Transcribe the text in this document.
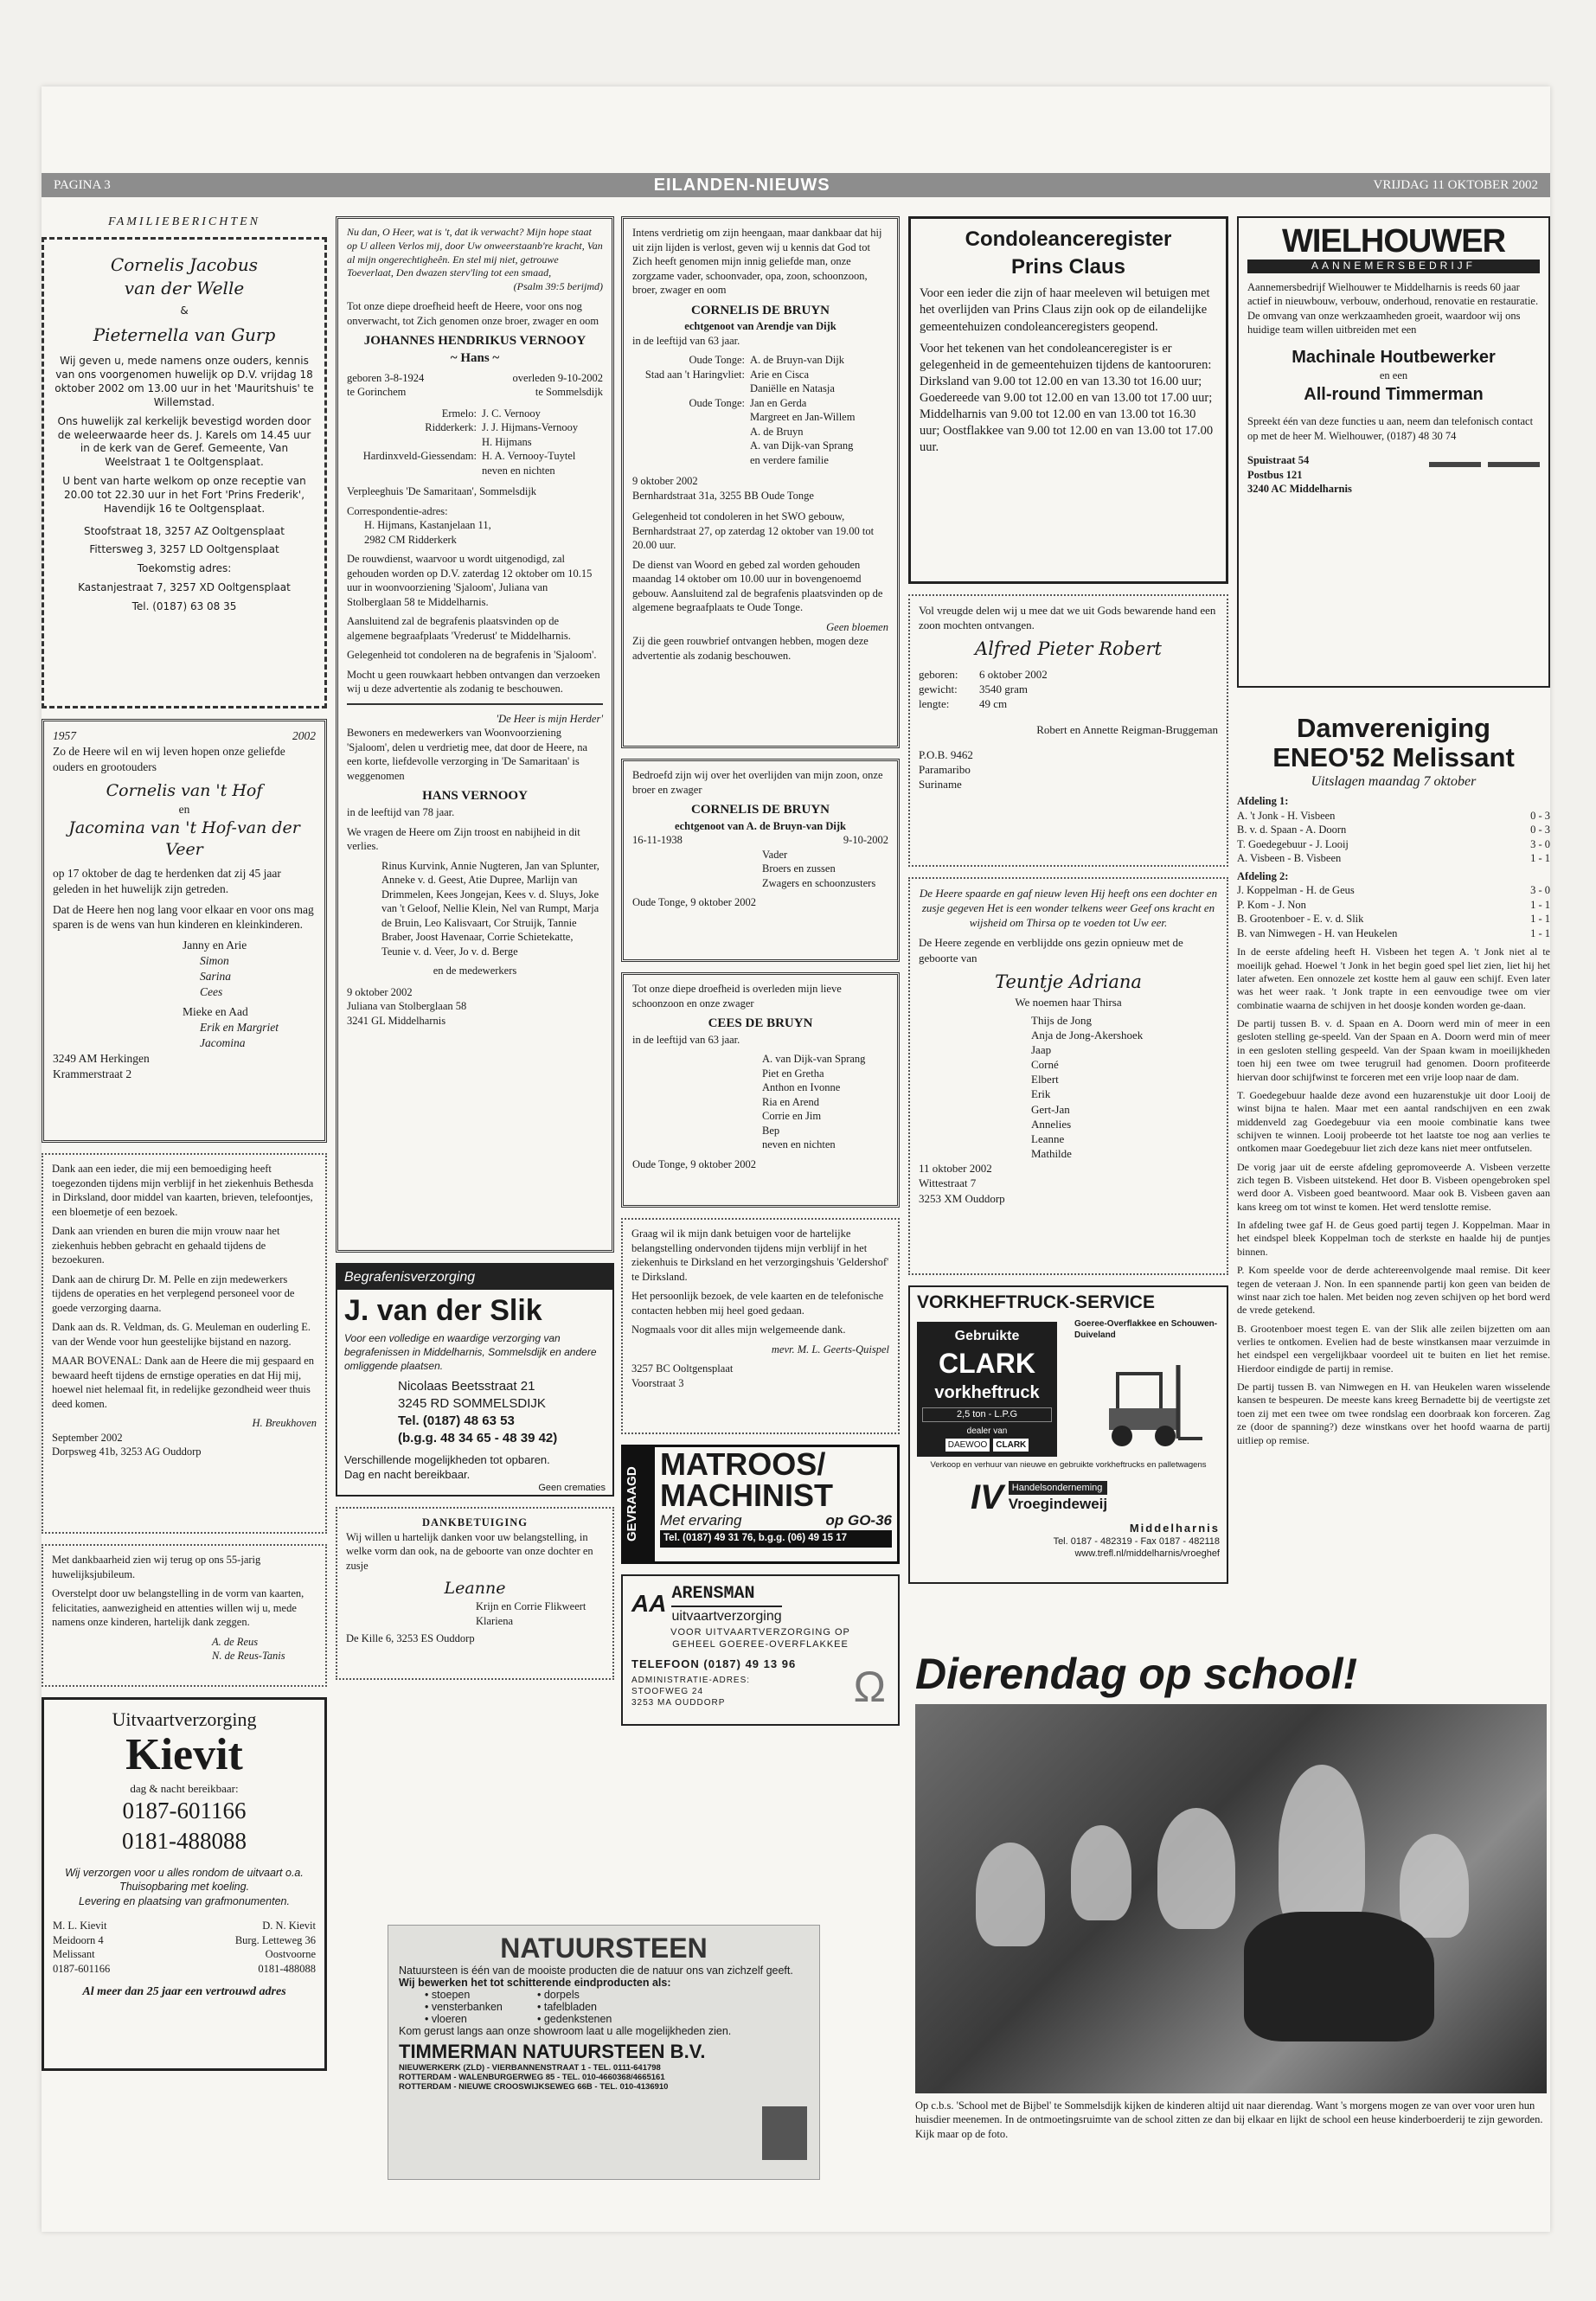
PAGINA 3	EILANDEN-NIEUWS	VRIJDAG 11 OKTOBER 2002
FAMILIEBERICHTEN
Cornelis Jacobus
van der Welle
&
Pieternella van Gurp

Wij geven u, mede namens onze ouders, kennis van ons voorgenomen huwelijk op D.V. vrijdag 18 oktober 2002 om 13.00 uur in het 'Mauritshuis' te Willemstad.

Ons huwelijk zal kerkelijk bevestigd worden door de weleerwaarde heer ds. J. Karels om 14.45 uur in de kerk van de Geref. Gemeente, Van Weelstraat 1 te Ooltgensplaat.

U bent van harte welkom op onze receptie van 20.00 tot 22.30 uur in het Fort 'Prins Frederik', Havendijk 16 te Ooltgensplaat.

Stoofstraat 18, 3257 AZ Ooltgensplaat

Fittersweg 3, 3257 LD Ooltgensplaat

Toekomstig adres:

Kastanjestraat 7, 3257 XD Ooltgensplaat

Tel. (0187) 63 08 35

1957	2002

Zo de Heere wil en wij leven hopen onze geliefde ouders en grootouders

Cornelis van 't Hof
en
Jacomina van 't Hof-van der Veer

op 17 oktober de dag te herdenken dat zij 45 jaar geleden in het huwelijk zijn getreden.

Dat de Heere hen nog lang voor elkaar en voor ons mag sparen is de wens van hun kinderen en kleinkinderen.

Janny en Arie
Simon
Sarina
Cees
Mieke en Aad
Erik en Margriet
Jacomina
3249 AM Herkingen
Krammerstraat 2

Dank aan een ieder, die mij een bemoediging heeft toegezonden tijdens mijn verblijf in het ziekenhuis Bethesda in Dirksland, door middel van kaarten, brieven, telefoontjes, een bloemetje of een bezoek.

Dank aan vrienden en buren die mijn vrouw naar het ziekenhuis hebben gebracht en gehaald tijdens de bezoekuren.

Dank aan de chirurg Dr. M. Pelle en zijn medewerkers tijdens de operaties en het verplegend personeel voor de goede verzorging daarna.

Dank aan ds. R. Veldman, ds. G. Meuleman en ouderling E. van der Wende voor hun geestelijke bijstand en nazorg.

MAAR BOVENAL: Dank aan de Heere die mij gespaard en bewaard heeft tijdens de ernstige operaties en dat Hij mij, hoewel niet helemaal fit, in redelijke gezondheid weer thuis deed komen.

H. Breukhoven
September 2002
Dorpsweg 41b, 3253 AG Ouddorp

Met dankbaarheid zien wij terug op ons 55-jarig huwelijksjubileum.

Overstelpt door uw belangstelling in de vorm van kaarten, felicitaties, aanwezigheid en attenties willen wij u, mede namens onze kinderen, hartelijk dank zeggen.

A. de Reus
N. de Reus-Tanis
Uitvaartverzorging
Kievit
dag & nacht bereikbaar:
0187-601166
0181-488088
Wij verzorgen voor u alles rondom de uitvaart o.a. Thuisopbaring met koeling.
Levering en plaatsing van grafmonumenten.
M. L. Kievit
Meidoorn 4
Melissant
0187-601166
D. N. Kievit
Burg. Letteweg 36
Oostvoorne
0181-488088
Al meer dan 25 jaar een vertrouwd adres
Nu dan, O Heer, wat is 't, dat ik verwacht? Mijn hope staat op U alleen Verlos mij, door Uw onweerstaanb're kracht, Van al mijn ongerechtigheên. En stel mij niet, getrouwe Toeverlaat, Den dwazen sterv'ling tot een smaad,
(Psalm 39:5 berijmd)

Tot onze diepe droefheid heeft de Heere, voor ons nog onverwacht, tot Zich genomen onze broer, zwager en oom

JOHANNES HENDRIKUS VERNOOY
~ Hans ~
geboren 3-8-1924	overleden 9-10-2002
te Gorinchem	te Sommelsdijk
Ermelo: J. C. Vernooy
Ridderkerk: J. J. Hijmans-Vernooy
H. Hijmans
Hardinxveld-Giessendam: H. A. Vernooy-Tuytel
neven en nichten

Verpleeghuis 'De Samaritaan', Sommelsdijk

Correspondentie-adres:
H. Hijmans, Kastanjelaan 11,
2982 CM Ridderkerk

De rouwdienst, waarvoor u wordt uitgenodigd, zal gehouden worden op D.V. zaterdag 12 oktober om 10.15 uur in woonvoorziening 'Sjaloom', Juliana van Stolberglaan 58 te Middelharnis.

Aansluitend zal de begrafenis plaatsvinden op de algemene begraafplaats 'Vrederust' te Middelharnis.

Gelegenheid tot condoleren na de begrafenis in 'Sjaloom'.

Mocht u geen rouwkaart hebben ontvangen dan verzoeken wij u deze advertentie als zodanig te beschouwen.

'De Heer is mijn Herder'

Bewoners en medewerkers van Woonvoorziening 'Sjaloom', delen u verdrietig mee, dat door de Heere, na een korte, liefdevolle verzorging in 'De Samaritaan' is weggenomen

HANS VERNOOY

in de leeftijd van 78 jaar.

We vragen de Heere om Zijn troost en nabijheid in dit verlies.

Rinus Kurvink, Annie Nugteren, Jan van Splunter, Anneke v. d. Geest, Atie Dupree, Marlijn van Drimmelen, Kees Jongejan, Kees v. d. Sluys, Joke van 't Geloof, Nellie Klein, Nel van Rumpt, Marja de Bruin, Leo Kalisvaart, Cor Struijk, Tannie Braber, Joost Havenaar, Corrie Schietekatte, Teunie v. d. Veer, Jo v. d. Berge

en de medewerkers
9 oktober 2002
Juliana van Stolberglaan 58
3241 GL Middelharnis
Begrafenisverzorging
J. van der Slik
Voor een volledige en waardige verzorging van begrafenissen in Middelharnis, Sommelsdijk en andere omliggende plaatsen.
Nicolaas Beetsstraat 21
3245 RD SOMMELSDIJK
Tel. (0187) 48 63 53
(b.g.g. 48 34 65 - 48 39 42)
Verschillende mogelijkheden tot opbaren.
Dag en nacht bereikbaar.
Geen crematies
DANKBETUIGING

Wij willen u hartelijk danken voor uw belangstelling, in welke vorm dan ook, na de geboorte van onze dochter en zusje

Leanne
Krijn en Corrie Flikweert
Klariena
De Kille 6, 3253 ES Ouddorp

Intens verdrietig om zijn heengaan, maar dankbaar dat hij uit zijn lijden is verlost, geven wij u kennis dat God tot Zich heeft genomen mijn innig geliefde man, onze zorgzame vader, schoonvader, opa, zoon, schoonzoon, broer, zwager en oom

CORNELIS DE BRUYN
echtgenoot van Arendje van Dijk

in de leeftijd van 63 jaar.

Oude Tonge: A. de Bruyn-van Dijk
Stad aan 't Haringvliet: Arie en Cisca
Daniëlle en Natasja
Oude Tonge: Jan en Gerda
Margreet en Jan-Willem
A. de Bruyn
A. van Dijk-van Sprang
en verdere familie
9 oktober 2002
Bernhardstraat 31a, 3255 BB Oude Tonge

Gelegenheid tot condoleren in het SWO gebouw, Bernhardstraat 27, op zaterdag 12 oktober van 19.00 tot 20.00 uur.

De dienst van Woord en gebed zal worden gehouden maandag 14 oktober om 10.00 uur in bovengenoemd gebouw. Aansluitend zal de begrafenis plaatsvinden op de algemene begraafplaats te Oude Tonge.

Geen bloemen

Zij die geen rouwbrief ontvangen hebben, mogen deze advertentie als zodanig beschouwen.

Bedroefd zijn wij over het overlijden van mijn zoon, onze broer en zwager

CORNELIS DE BRUYN
echtgenoot van A. de Bruyn-van Dijk
16-11-1938	9-10-2002
Vader
Broers en zussen
Zwagers en schoonzusters
Oude Tonge, 9 oktober 2002

Tot onze diepe droefheid is overleden mijn lieve schoonzoon en onze zwager

CEES DE BRUYN

in de leeftijd van 63 jaar.

A. van Dijk-van Sprang
Piet en Gretha
Anthon en Ivonne
Ria en Arend
Corrie en Jim
Bep
neven en nichten
Oude Tonge, 9 oktober 2002

Graag wil ik mijn dank betuigen voor de hartelijke belangstelling ondervonden tijdens mijn verblijf in het ziekenhuis te Dirksland en het verzorgingshuis 'Geldershof' te Dirksland.

Het persoonlijk bezoek, de vele kaarten en de telefonische contacten hebben mij heel goed gedaan.

Nogmaals voor dit alles mijn welgemeende dank.

mevr. M. L. Geerts-Quispel
3257 BC Ooltgensplaat
Voorstraat 3
GEVRAAGD
MATROOS/
MACHINIST
Met ervaring	op GO-36
Tel. (0187) 49 31 76, b.g.g. (06) 49 15 17
AA ARENSMAN
uitvaartverzorging
VOOR UITVAARTVERZORGING OP
GEHEEL GOEREE-OVERFLAKKEE
TELEFOON (0187) 49 13 96
ADMINISTRATIE-ADRES:
STOOFWEG 24
3253 MA OUDDORP	Ω
NATUURSTEEN
Natuursteen is één van de mooiste producten die de natuur ons van zichzelf geeft.
Wij bewerken het tot schitterende eindproducten als:
• stoepen	• dorpels
• vensterbanken	• tafelbladen
• vloeren	• gedenkstenen
Kom gerust langs aan onze showroom laat u alle mogelijkheden zien.
TIMMERMAN NATUURSTEEN B.V.
NIEUWERKERK (ZLD) - VIERBANNENSTRAAT 1 - TEL. 0111-641798
ROTTERDAM - WALENBURGERWEG 85 - TEL. 010-4660368/4665161
ROTTERDAM - NIEUWE CROOSWIJKSEWEG 66B - TEL. 010-4136910
Condoleanceregister
Prins Claus

Voor een ieder die zijn of haar meeleven wil betuigen met het overlijden van Prins Claus zijn ook op de eilandelijke gemeentehuizen condoleanceregisters geopend.

Voor het tekenen van het condoleanceregister is er gelegenheid in de gemeentehuizen tijdens de kantooruren: Dirksland van 9.00 tot 12.00 en van 13.30 tot 16.00 uur; Goedereede van 9.00 tot 12.00 en van 13.00 tot 17.00 uur; Middelharnis van 9.00 tot 12.00 en van 13.00 tot 16.30 uur; Oostflakkee van 9.00 tot 12.00 en van 13.00 tot 17.00 uur.

Vol vreugde delen wij u mee dat we uit Gods bewarende hand een zoon mochten ontvangen.

Alfred Pieter Robert
geboren:	6 oktober 2002
gewicht:	3540 gram
lengte:	49 cm
Robert en Annette Reigman-Bruggeman
P.O.B. 9462
Paramaribo
Suriname
De Heere spaarde en gaf nieuw leven Hij heeft ons een dochter en zusje gegeven Het is een wonder telkens weer Geef ons kracht en wijsheid om Thirsa op te voeden tot Uw eer.

De Heere zegende en verblijdde ons gezin opnieuw met de geboorte van

Teuntje Adriana
We noemen haar Thirsa
Thijs de Jong
Anja de Jong-Akershoek
Jaap
Corné
Elbert
Erik
Gert-Jan
Annelies
Leanne
Mathilde
11 oktober 2002
Wittestraat 7
3253 XM Ouddorp
VORKHEFTRUCK-SERVICE
Goeree-Overflakkee en Schouwen-Duiveland
Gebruikte
CLARK
vorkheftruck
2,5 ton - L.P.G
dealer van
DAEWOO	CLARK
Verkoop en verhuur van nieuwe en gebruikte vorkheftrucks en palletwagens
IV Handelsonderneming
Vroegindeweij
Middelharnis
Tel. 0187 - 482319 - Fax 0187 - 482118
www.trefl.nl/middelharnis/vroeghef
WIELHOUWER
AANNEMERSBEDRIJF

Aannemersbedrijf Wielhouwer te Middelharnis is reeds 60 jaar actief in nieuwbouw, verbouw, onderhoud, renovatie en restauratie. De omvang van onze werkzaamheden groeit, waardoor wij ons huidige team willen uitbreiden met een

Machinale Houtbewerker
en een
All-round Timmerman

Spreekt één van deze functies u aan, neem dan telefonisch contact op met de heer M. Wielhouwer, (0187) 48 30 74

Spuistraat 54
Postbus 121
3240 AC Middelharnis
Damvereniging
ENEO'52 Melissant
Uitslagen maandag 7 oktober
Afdeling 1:
A. 't Jonk - H. Visbeen	0 - 3
B. v. d. Spaan - A. Doorn	0 - 3
T. Goedegebuur - J. Looij	3 - 0
A. Visbeen - B. Visbeen	1 - 1
Afdeling 2:
J. Koppelman - H. de Geus	3 - 0
P. Kom - J. Non	1 - 1
B. Grootenboer - E. v. d. Slik	1 - 1
B. van Nimwegen - H. van Heukelen	1 - 1

In de eerste afdeling heeft H. Visbeen het tegen A. 't Jonk niet al te moeilijk gehad. Hoewel 't Jonk in het begin goed spel liet zien, liet hij het later afweten. Een onnozele zet kostte hem al gauw een schijf. Even later was het weer raak. 't Jonk trapte in een eenvoudige twee om vier combinatie waarna de schijven in het doosje konden worden ge-daan.

De partij tussen B. v. d. Spaan en A. Doorn werd min of meer in een gesloten stelling ge-speeld. Van der Spaan en A. Doorn werd min of meer in een gesloten stelling gespeeld. Van der Spaan kwam in moeilijkheden toen hij een twee om twee terugruil had genomen. Doorn profiteerde hiervan door schijfwinst te forceren met een vrije loop naar de dam.

T. Goedegebuur haalde deze avond een huzarenstukje uit door Looij de winst bijna te halen. Maar met een aantal randschijven en een zwak middenveld zag Goedegebuur via een mooie combinatie kans twee schijven te winnen. Looij probeerde tot het laatste toe nog aan verlies te ontkomen maar Goedegebuur liet zich deze kans niet meer ontfutselen.

De vorig jaar uit de eerste afdeling gepromoveerde A. Visbeen verzette zich tegen B. Visbeen uitstekend. Het door B. Visbeen opengebroken spel werd door A. Visbeen goed beantwoord. Maar ook B. Visbeen gaven aan kans kreeg om tot winst te komen. Het werd tenslotte remise.

In afdeling twee gaf H. de Geus goed partij tegen J. Koppelman. Maar in het eindspel bleek Koppelman toch de sterkste en haalde hij de puntjes binnen.

P. Kom speelde voor de derde achtereenvolgende maal remise. Dit keer tegen de veteraan J. Non. In een spannende partij kon geen van beiden de winst naar zich toe halen. Met beiden nog zeven schijven op het bord werd de vrede getekend.

B. Grootenboer moest tegen E. van der Slik alle zeilen bijzetten om aan verlies te ontkomen. Evelien had de beste winstkansen maar verzuimde in het eindspel een vergelijkbaar voordeel uit te buiten en liet het remise. Hierdoor eindigde de partij in remise.

De partij tussen B. van Nimwegen en H. van Heukelen waren wisselende kansen te bespeuren. De meeste kans kreeg Bernadette bij de veertigste zet toen zij met een twee om twee rondslag een doorbraak kon forceren. Zag ze (door de spanning?) deze winstkans over het hoofd waarna de partij uitliep op remise.

Dierendag op school!
Op c.b.s. 'School met de Bijbel' te Sommelsdijk kijken de kinderen altijd uit naar dierendag. Want 's morgens mogen ze van over voor uren hun huisdier meenemen. In de ontmoetingsruimte van de school zitten ze dan bij elkaar en lijkt de school een heuse kinderboerderij te zijn geworden. Kijk maar op de foto.
